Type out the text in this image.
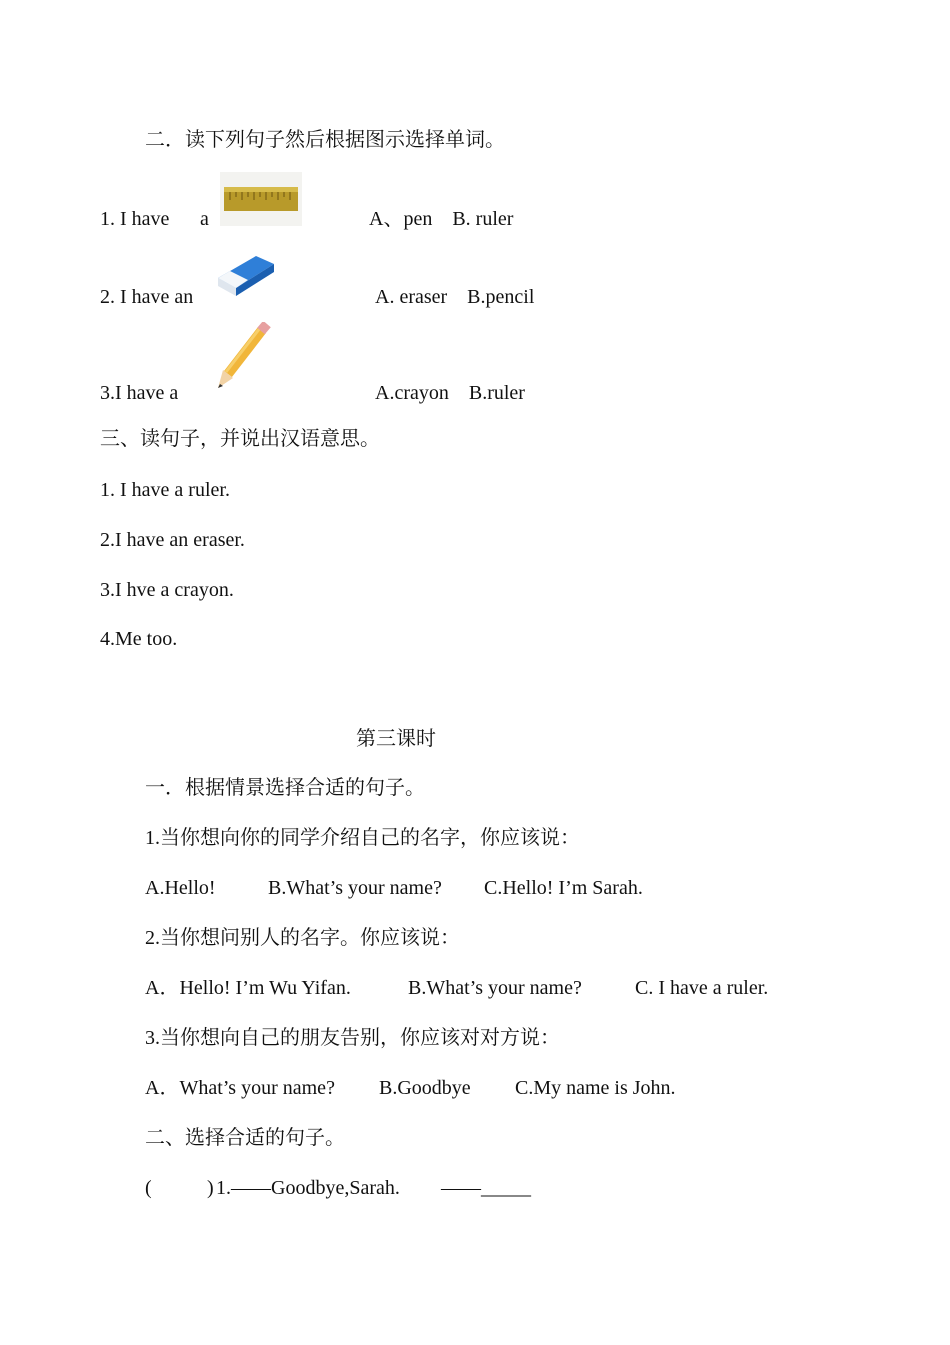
二．读下列句子然后根据图示选择单词。
1. I have a	A、pen    B. ruler
2. I have an	A. eraser    B.pencil
3.I have a	A.crayon    B.ruler
三、读句子，并说出汉语意思。
1. I have a ruler.
2.I have an eraser.
3.I hve a crayon.
4.Me too.
第三课时
一．根据情景选择合适的句子。
1.当你想向你的同学介绍自己的名字，你应该说：
A.Hello!	B.What’s your name? C.Hello! I’m Sarah.
2.当你想问别人的名字。你应该说：
A．Hello! I’m Wu Yifan.	B.What’s your name?	C. I have a ruler.
3.当你想向自己的朋友告别，你应该对对方说：
A．What’s your name? B.Goodbye C.My name is John.
二、选择合适的句子。
(	) 1.——Goodbye,Sarah. ——_____
